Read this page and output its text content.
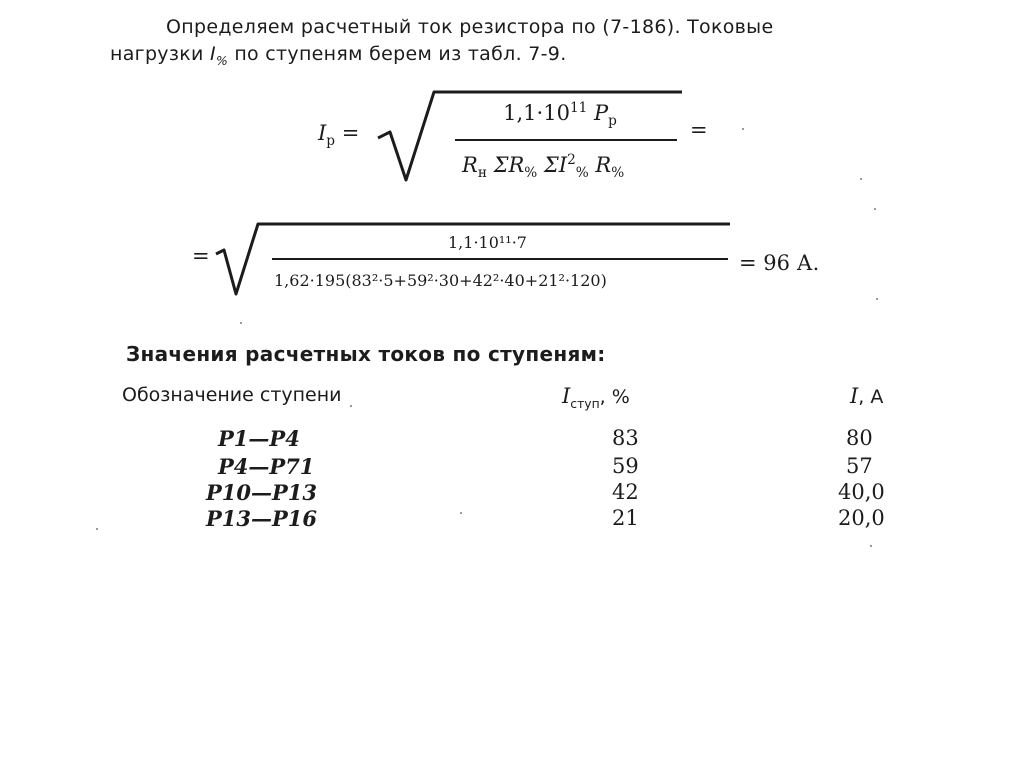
Определяем расчетный ток резистора по (7-186). Токовые
нагрузки $I_{\%}$ по ступеням берем из табл. 7-9.
$I_p$ =
$1,1\cdot 10^{11}$ $P_p$
$R_н$ $\Sigma R_{\%}$ $\Sigma I^2_{\%}$ $R_{\%}$
=
=
1,1·10¹¹·7
1,62·195(83²·5+59²·30+42²·40+21²·120)
= 96 А.
Значения расчетных токов по ступеням:
Обозначение ступени	$I_{ступ}$, %	I, А
Р1—Р4	83	80
Р4—Р71	59	57
Р10—Р13	42	40,0
Р13—Р16	21	20,0
